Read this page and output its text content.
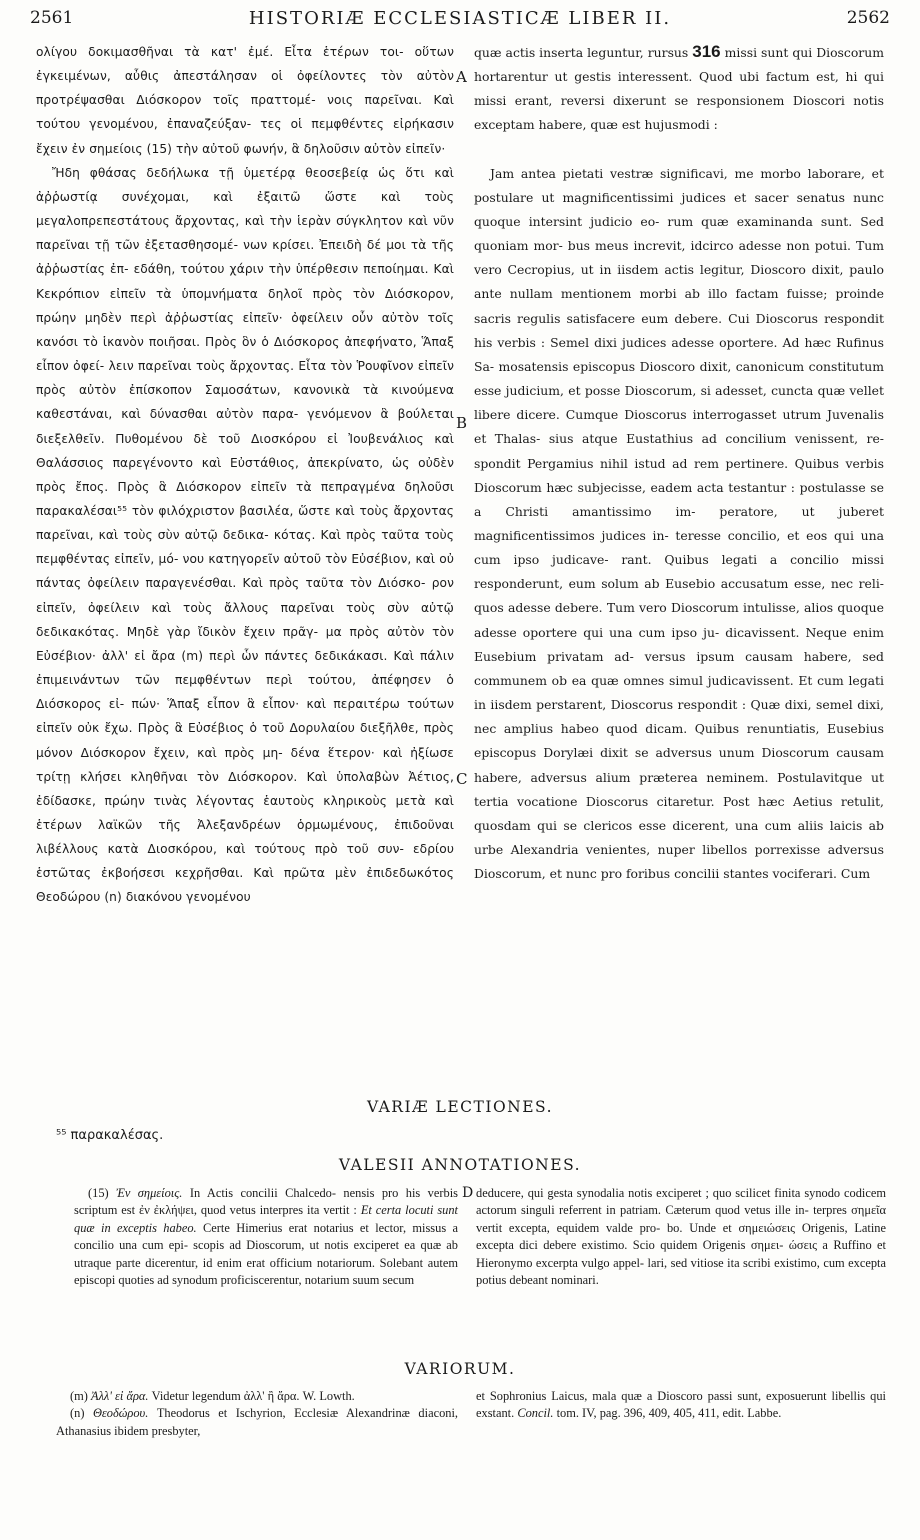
2561	HISTORIÆ ECCLESIASTICÆ LIBER II.	2562

ολίγου δοκιμασθῆναι τὰ κατ' ἐμέ. Εἶτα ἑτέρων τοι- οὕτων ἐγκειμένων, αὖθις ἀπεστάλησαν οἱ ὀφείλοντες τὸν αὐτὸν προτρέψασθαι Διόσκορον τοῖς πραττομέ- νοις παρεῖναι. Καὶ τούτου γενομένου, ἐπαναζεύξαν- τες οἱ πεμφθέντες εἰρήκασιν ἔχειν ἐν σημείοις (15) τὴν αὐτοῦ φωνήν, ἃ δηλοῦσιν αὐτὸν εἰπεῖν·

Ἤδη φθάσας δεδήλωκα τῇ ὑμετέρᾳ θεοσεβείᾳ ὡς ὅτι καὶ ἀῤῥωστίᾳ συνέχομαι, καὶ ἐξαιτῶ ὥστε καὶ τοὺς μεγαλοπρεπεστάτους ἄρχοντας, καὶ τὴν ἱερὰν σύγκλητον καὶ νῦν παρεῖναι τῇ τῶν ἐξετασθησομέ- νων κρίσει. Ἐπειδὴ δέ μοι τὰ τῆς ἀῤῥωστίας ἐπ- εδάθη, τούτου χάριν τὴν ὑπέρθεσιν πεποίημαι. Καὶ Κεκρόπιον εἰπεῖν τὰ ὑπομνήματα δηλοῖ πρὸς τὸν Διόσκορον, πρώην μηδὲν περὶ ἀῤῥωστίας εἰπεῖν· ὀφείλειν οὖν αὐτὸν τοῖς κανόσι τὸ ἱκανὸν ποιῆσαι. Πρὸς ὃν ὁ Διόσκορος ἀπεφήνατο, Ἅπαξ εἶπον ὀφεί- λειν παρεῖναι τοὺς ἄρχοντας. Εἶτα τὸν Ῥουφῖνον εἰπεῖν πρὸς αὐτὸν ἐπίσκοπον Σαμοσάτων, κανονικὰ τὰ κινούμενα καθεστάναι, καὶ δύνασθαι αὐτὸν παρα- γενόμενον ἃ βούλεται διεξελθεῖν. Πυθομένου δὲ τοῦ Διοσκόρου εἰ Ἰουβενάλιος καὶ Θαλάσσιος παρεγένοντο καὶ Εὐστάθιος, ἀπεκρίνατο, ὡς οὐδὲν πρὸς ἔπος. Πρὸς ἃ Διόσκορον εἰπεῖν τὰ πεπραγμένα δηλοῦσι παρακαλέσαι⁵⁵ τὸν φιλόχριστον βασιλέα, ὥστε καὶ τοὺς ἄρχοντας παρεῖναι, καὶ τοὺς σὺν αὐτῷ δεδικα- κότας. Καὶ πρὸς ταῦτα τοὺς πεμφθέντας εἰπεῖν, μό- νου κατηγορεῖν αὐτοῦ τὸν Εὐσέβιον, καὶ οὐ πάντας ὀφείλειν παραγενέσθαι. Καὶ πρὸς ταῦτα τὸν Διόσκο- ρον εἰπεῖν, ὀφείλειν καὶ τοὺς ἄλλους παρεῖναι τοὺς σὺν αὐτῷ δεδικακότας. Μηδὲ γὰρ ἴδικὸν ἔχειν πρᾶγ- μα πρὸς αὐτὸν τὸν Εὐσέβιον· ἀλλ' εἰ ἄρα (m) περὶ ὧν πάντες δεδικάκασι. Καὶ πάλιν ἐπιμεινάντων τῶν πεμφθέντων περὶ τούτου, ἀπέφησεν ὁ Διόσκορος εἰ- πών· Ἅπαξ εἶπον ἃ εἶπον· καὶ περαιτέρω τούτων εἰπεῖν οὐκ ἔχω. Πρὸς ἃ Εὐσέβιος ὁ τοῦ Δορυλαίου διεξῆλθε, πρὸς μόνον Διόσκορον ἔχειν, καὶ πρὸς μη- δένα ἕτερον· καὶ ἠξίωσε τρίτῃ κλήσει κληθῆναι τὸν Διόσκορον. Καὶ ὑπολαβὼν Ἀέτιος, ἐδίδασκε, πρώην τινὰς λέγοντας ἑαυτοὺς κληρικοὺς μετὰ καὶ ἑτέρων λαϊκῶν τῆς Ἀλεξανδρέων ὁρμωμένους, ἐπιδοῦναι λιβέλλους κατὰ Διοσκόρου, καὶ τούτους πρὸ τοῦ συν- εδρίου ἑστῶτας ἐκβοήσεσι κεχρῆσθαι. Καὶ πρῶτα μὲν ἐπιδεδωκότος Θεοδώρου (n) διακόνου γενομένου

A
B
C

quæ actis inserta leguntur, rursus 316 missi sunt qui Dioscorum hortarentur ut gestis interessent. Quod ubi factum est, hi qui missi erant, reversi dixerunt se responsionem Dioscori notis exceptam habere, quæ est hujusmodi :

Jam antea pietati vestræ significavi, me morbo laborare, et postulare ut magnificentissimi judices et sacer senatus nunc quoque intersint judicio eo- rum quæ examinanda sunt. Sed quoniam mor- bus meus increvit, idcirco adesse non potui. Tum vero Cecropius, ut in iisdem actis legitur, Dioscoro dixit, paulo ante nullam mentionem morbi ab illo factam fuisse; proinde sacris regulis satisfacere eum debere. Cui Dioscorus respondit his verbis : Semel dixi judices adesse oportere. Ad hæc Rufinus Sa- mosatensis episcopus Dioscoro dixit, canonicum constitutum esse judicium, et posse Dioscorum, si adesset, cuncta quæ vellet libere dicere. Cumque Dioscorus interrogasset utrum Juvenalis et Thalas- sius atque Eustathius ad concilium venissent, re- spondit Pergamius nihil istud ad rem pertinere. Quibus verbis Dioscorum hæc subjecisse, eadem acta testantur : postulasse se a Christi amantissimo im- peratore, ut juberet magnificentissimos judices in- teresse concilio, et eos qui una cum ipso judicave- rant. Quibus legati a concilio missi responderunt, eum solum ab Eusebio accusatum esse, nec reli- quos adesse debere. Tum vero Dioscorum intulisse, alios quoque adesse oportere qui una cum ipso ju- dicavissent. Neque enim Eusebium privatam ad- versus ipsum causam habere, sed communem ob ea quæ omnes simul judicavissent. Et cum legati in iisdem perstarent, Dioscorus respondit : Quæ dixi, semel dixi, nec amplius habeo quod dicam. Quibus renuntiatis, Eusebius episcopus Dorylæi dixit se adversus unum Dioscorum causam habere, adversus alium præterea neminem. Postulavitque ut tertia vocatione Dioscorus citaretur. Post hæc Aetius retulit, quosdam qui se clericos esse dicerent, una cum aliis laicis ab urbe Alexandria venientes, nuper libellos porrexisse adversus Dioscorum, et nunc pro foribus concilii stantes vociferari. Cum

VARIÆ LECTIONES.
⁵⁵ παρακαλέσας.
VALESII ANNOTATIONES.

(15) Ἐν σημείοις. In Actis concilii Chalcedo- nensis pro his verbis scriptum est ἐν ἐκλήψει, quod vetus interpres ita vertit : Et certa locuti sunt quæ in exceptis habeo. Certe Himerius erat notarius et lector, missus a concilio una cum epi- scopis ad Dioscorum, ut notis exciperet ea quæ ab utraque parte dicerentur, id enim erat officium notariorum. Solebant autem episcopi quoties ad synodum proficiscerentur, notarium suum secum

D deducere, qui gesta synodalia notis exciperet ; quo scilicet finita synodo codicem actorum singuli referrent in patriam. Cæterum quod vetus ille in- terpres σημεῖα vertit excepta, equidem valde pro- bo. Unde et σημειώσεις Origenis, Latine excepta dici debere existimo. Scio quidem Origenis σημει- ώσεις a Ruffino et Hieronymo excerpta vulgo appel- lari, sed vitiose ita scribi existimo, cum excepta potius debeant nominari.

VARIORUM.

(m) Ἀλλ' εἰ ἄρα. Videtur legendum ἀλλ' ἢ ἄρα. W. Lowth.

(n) Θεοδώρου. Theodorus et Ischyrion, Ecclesiæ Alexandrinæ diaconi, Athanasius ibidem presbyter,

et Sophronius Laicus, mala quæ a Dioscoro passi sunt, exposuerunt libellis qui exstant. Concil. tom. IV, pag. 396, 409, 405, 411, edit. Labbe.
